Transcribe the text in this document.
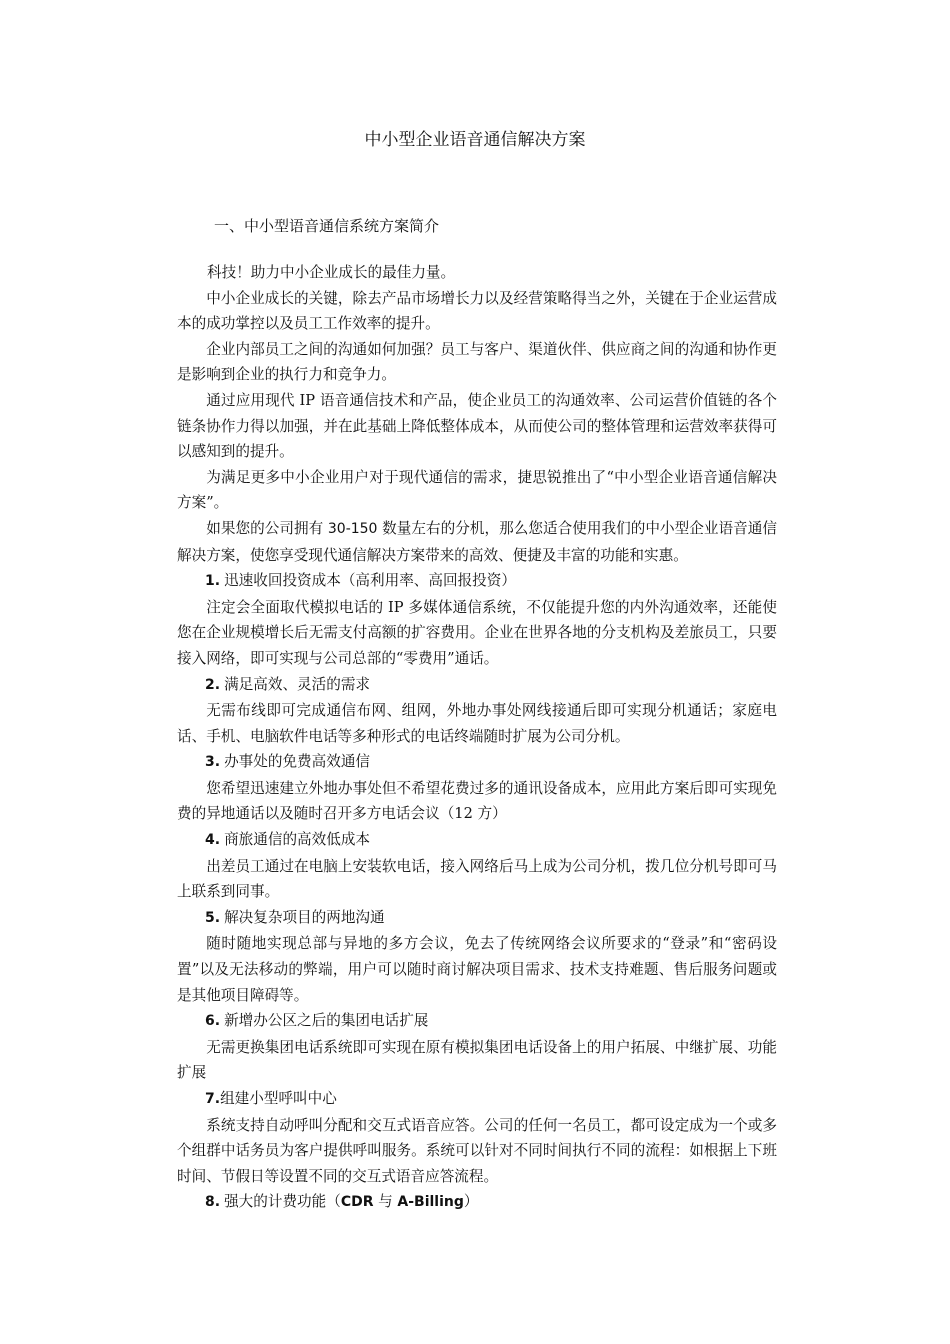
中小型企业语音通信解决方案
一、中小型语音通信系统方案简介

科技！助力中小企业成长的最佳力量。

中小企业成长的关键，除去产品市场增长力以及经营策略得当之外，关键在于企业运营成本的成功掌控以及员工工作效率的提升。

企业内部员工之间的沟通如何加强？员工与客户、渠道伙伴、供应商之间的沟通和协作更是影响到企业的执行力和竞争力。

通过应用现代 IP 语音通信技术和产品，使企业员工的沟通效率、公司运营价值链的各个链条协作力得以加强，并在此基础上降低整体成本，从而使公司的整体管理和运营效率获得可以感知到的提升。

为满足更多中小企业用户对于现代通信的需求，捷思锐推出了“中小型企业语音通信解决方案”。

如果您的公司拥有 30-150 数量左右的分机，那么您适合使用我们的中小型企业语音通信解决方案，使您享受现代通信解决方案带来的高效、便捷及丰富的功能和实惠。

1. 迅速收回投资成本（高利用率、高回报投资）

注定会全面取代模拟电话的 IP 多媒体通信系统，不仅能提升您的内外沟通效率，还能使您在企业规模增长后无需支付高额的扩容费用。企业在世界各地的分支机构及差旅员工，只要接入网络，即可实现与公司总部的“零费用”通话。

2. 满足高效、灵活的需求

无需布线即可完成通信布网、组网，外地办事处网线接通后即可实现分机通话；家庭电话、手机、电脑软件电话等多种形式的电话终端随时扩展为公司分机。

3. 办事处的免费高效通信

您希望迅速建立外地办事处但不希望花费过多的通讯设备成本，应用此方案后即可实现免费的异地通话以及随时召开多方电话会议（12 方）

4. 商旅通信的高效低成本

出差员工通过在电脑上安装软电话，接入网络后马上成为公司分机，拨几位分机号即可马上联系到同事。

5. 解决复杂项目的两地沟通

随时随地实现总部与异地的多方会议，免去了传统网络会议所要求的“登录”和“密码设置”以及无法移动的弊端，用户可以随时商讨解决项目需求、技术支持难题、售后服务问题或是其他项目障碍等。

6. 新增办公区之后的集团电话扩展

无需更换集团电话系统即可实现在原有模拟集团电话设备上的用户拓展、中继扩展、功能扩展

7.组建小型呼叫中心

系统支持自动呼叫分配和交互式语音应答。公司的任何一名员工，都可设定成为一个或多个组群中话务员为客户提供呼叫服务。系统可以针对不同时间执行不同的流程：如根据上下班时间、节假日等设置不同的交互式语音应答流程。

8. 强大的计费功能（CDR 与 A-Billing）
